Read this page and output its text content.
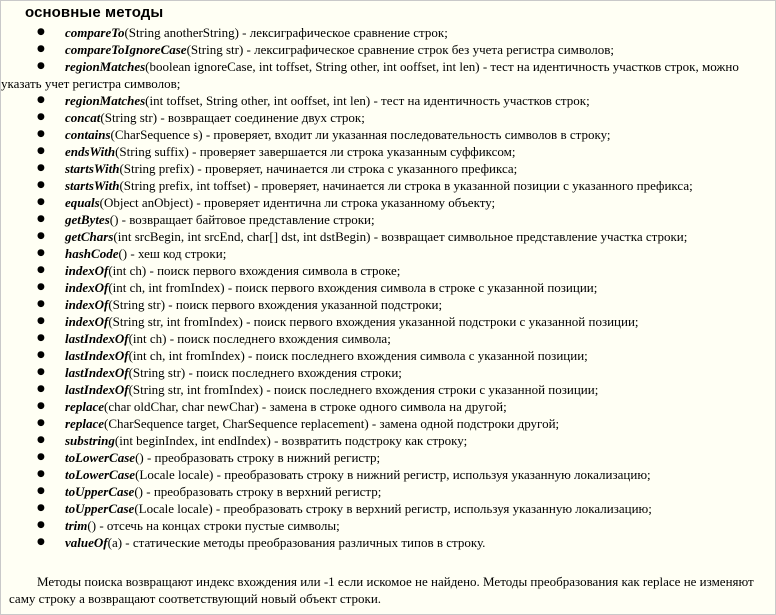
основные методы
● compareTo(String anotherString) - лексиграфическое сравнение строк;
● compareToIgnoreCase(String str) - лексиграфическое сравнение строк без учета регистра символов;
● regionMatches(boolean ignoreCase, int toffset, String other, int ooffset, int len) - тест на идентичность участков строк, можно указать учет регистра символов;
● regionMatches(int toffset, String other, int ooffset, int len) - тест на идентичность участков строк;
● concat(String str) - возвращает соединение двух строк;
● contains(CharSequence s) - проверяет, входит ли указанная последовательность символов в строку;
● endsWith(String suffix) - проверяет завершается ли строка указанным суффиксом;
● startsWith(String prefix) - проверяет, начинается ли строка с указанного префикса;
● startsWith(String prefix, int toffset) - проверяет, начинается ли строка в указанной позиции с указанного префикса;
● equals(Object anObject) - проверяет идентична ли строка указанному объекту;
● getBytes() - возвращает байтовое представление строки;
● getChars(int srcBegin, int srcEnd, char[] dst, int dstBegin) - возвращает символьное представление участка строки;
● hashCode() - хеш код строки;
● indexOf(int ch) - поиск первого вхождения символа в строке;
● indexOf(int ch, int fromIndex) - поиск первого вхождения символа в строке с указанной позиции;
● indexOf(String str) - поиск первого вхождения указанной подстроки;
● indexOf(String str, int fromIndex) - поиск первого вхождения указанной подстроки с указанной позиции;
● lastIndexOf(int ch) - поиск последнего вхождения символа;
● lastIndexOf(int ch, int fromIndex) - поиск последнего вхождения символа с указанной позиции;
● lastIndexOf(String str) - поиск последнего вхождения строки;
● lastIndexOf(String str, int fromIndex) - поиск последнего вхождения строки с указанной позиции;
● replace(char oldChar, char newChar) - замена в строке одного символа на другой;
● replace(CharSequence target, CharSequence replacement) - замена одной подстроки другой;
● substring(int beginIndex, int endIndex) - возвратить подстроку как строку;
● toLowerCase() - преобразовать строку в нижний регистр;
● toLowerCase(Locale locale) - преобразовать строку в нижний регистр, используя указанную локализацию;
● toUpperCase() - преобразовать строку в верхний регистр;
● toUpperCase(Locale locale) - преобразовать строку в верхний регистр, используя указанную локализацию;
● trim() - отсечь на концах строки пустые символы;
● valueOf(a) - статические методы преобразования различных типов в строку.

Методы поиска возвращают индекс вхождения или -1 если искомое не найдено. Методы преобразования как replace не изменяют саму строку а возвращают соответствующий новый объект строки.
